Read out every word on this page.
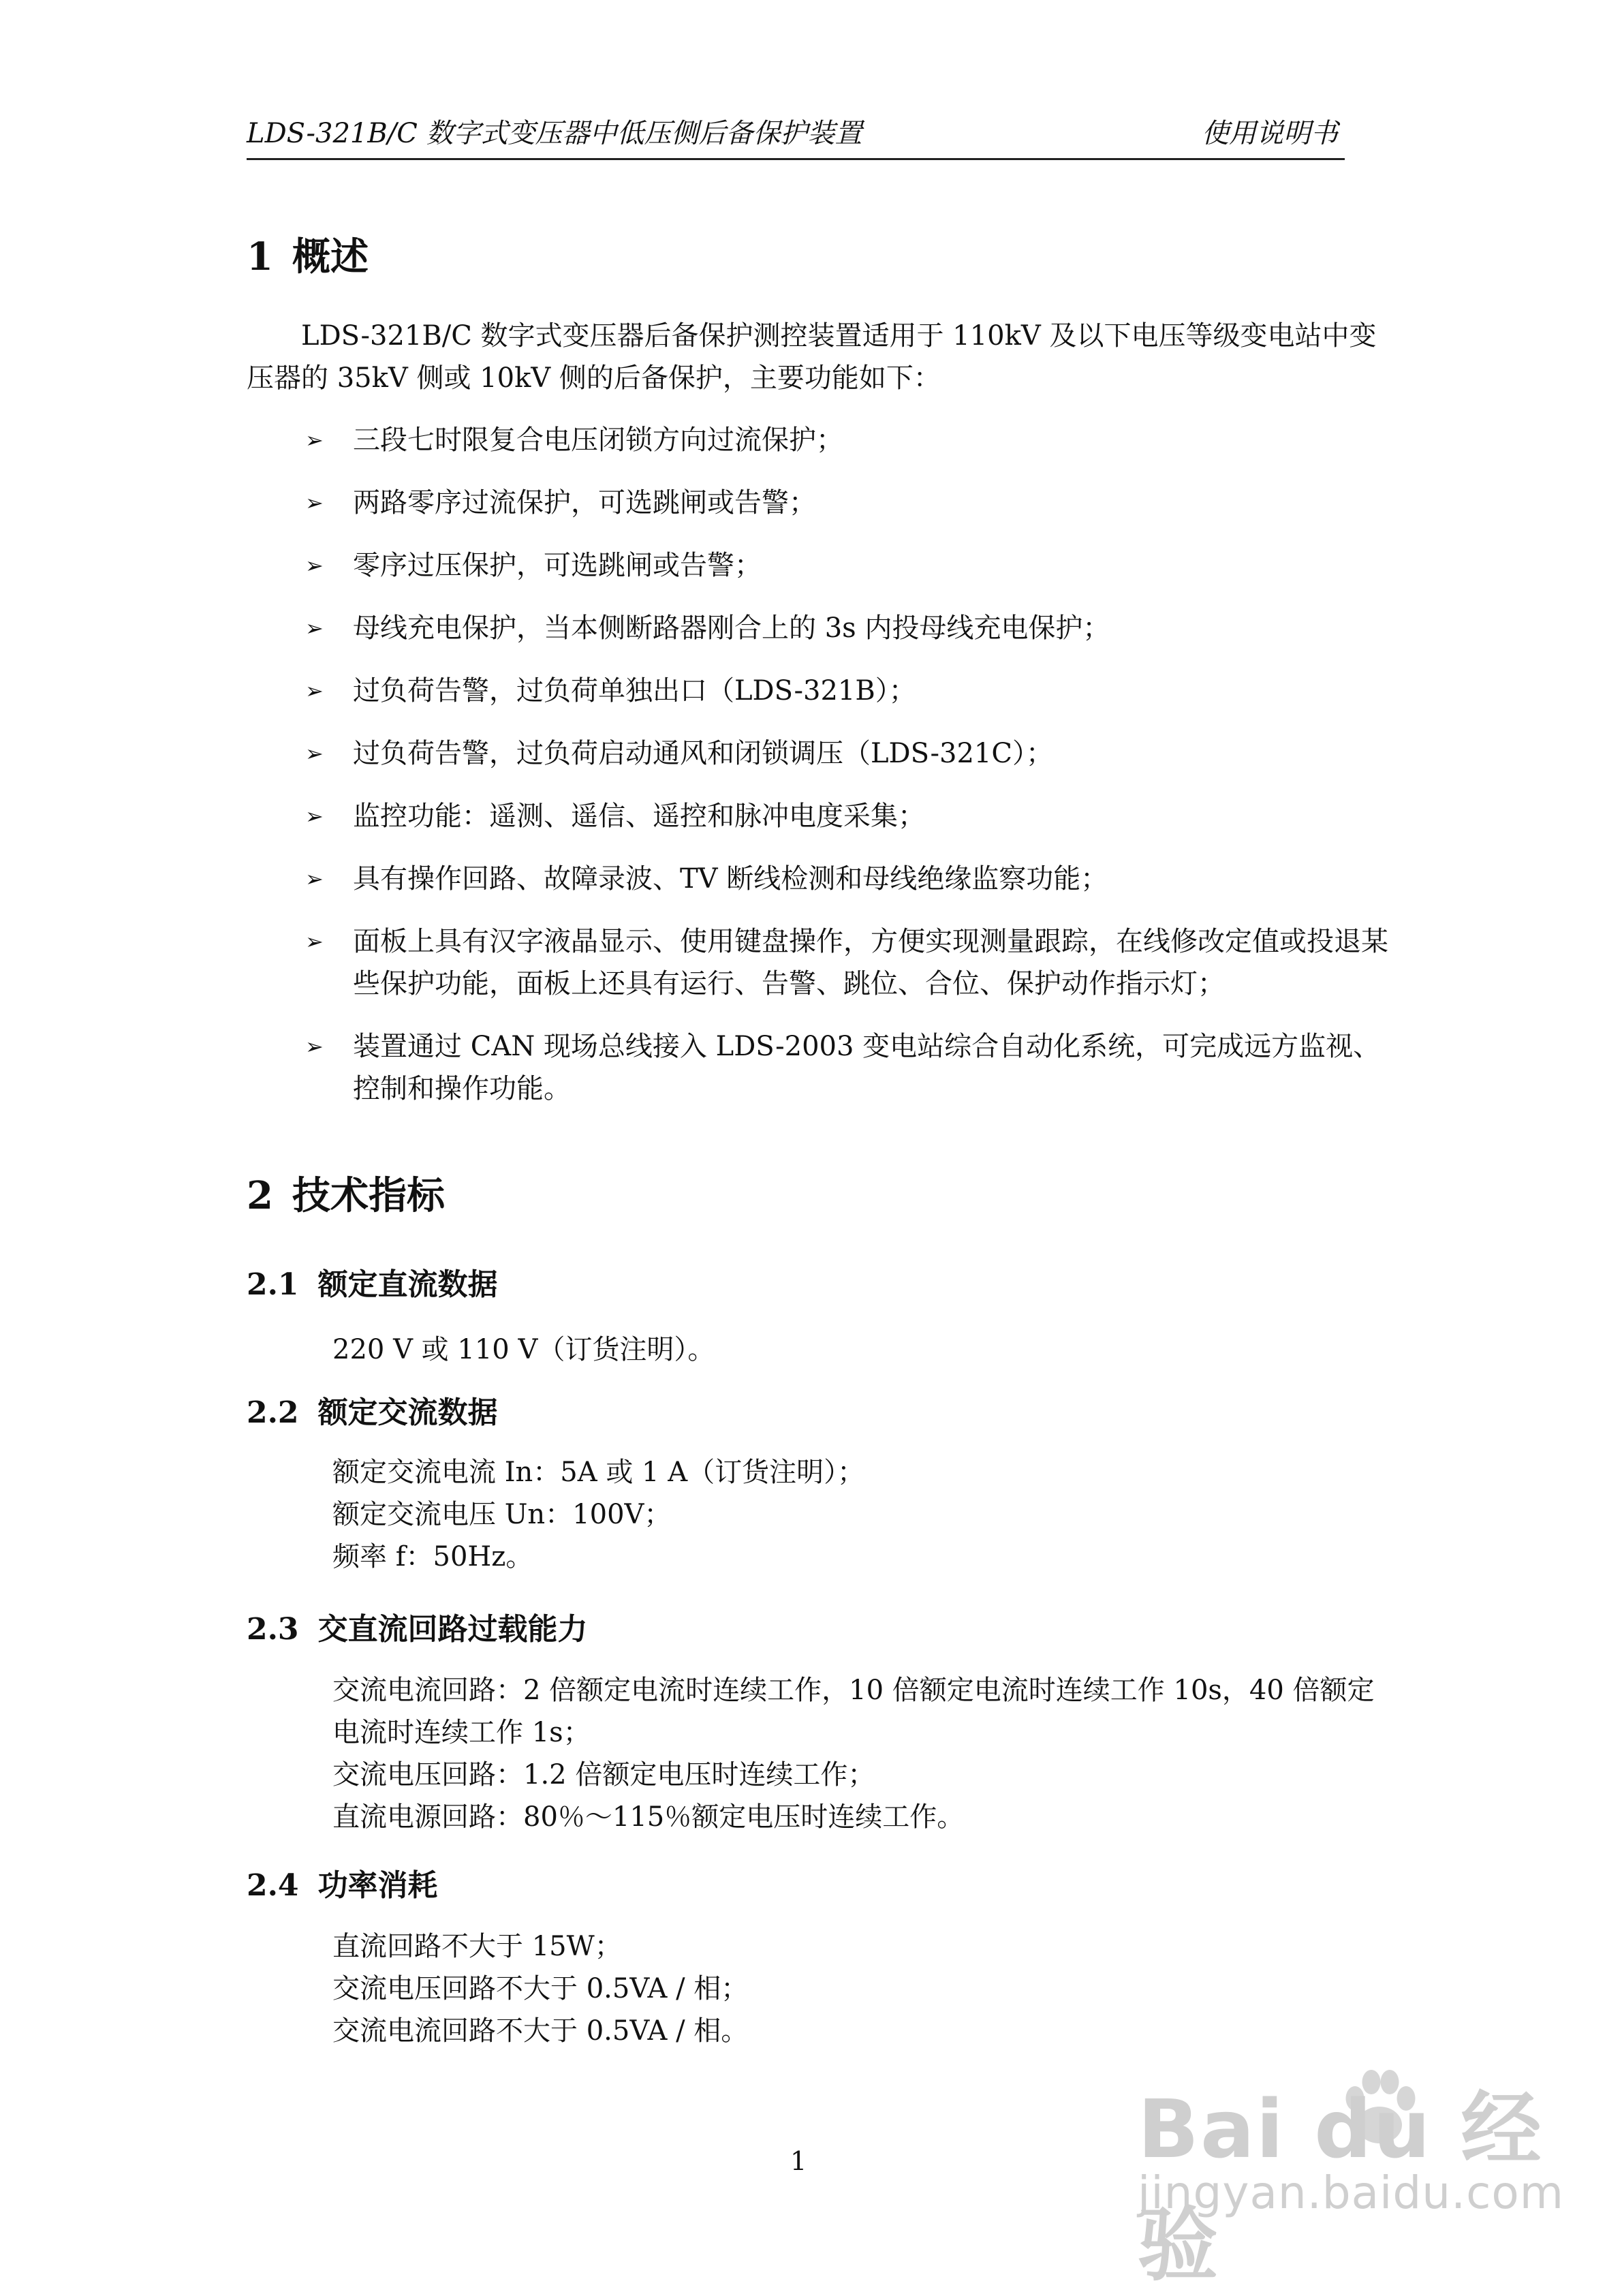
LDS-321B/C 数字式变压器中低压侧后备保护装置	使用说明书
1 概述
LDS-321B/C 数字式变压器后备保护测控装置适用于 110kV 及以下电压等级变电站中变压器的 35kV 侧或 10kV 侧的后备保护，主要功能如下：
➢ 三段七时限复合电压闭锁方向过流保护；
➢ 两路零序过流保护，可选跳闸或告警；
➢ 零序过压保护，可选跳闸或告警；
➢ 母线充电保护，当本侧断路器刚合上的 3s 内投母线充电保护；
➢ 过负荷告警，过负荷单独出口（LDS-321B）；
➢ 过负荷告警，过负荷启动通风和闭锁调压（LDS-321C）；
➢ 监控功能：遥测、遥信、遥控和脉冲电度采集；
➢ 具有操作回路、故障录波、TV 断线检测和母线绝缘监察功能；
➢ 面板上具有汉字液晶显示、使用键盘操作，方便实现测量跟踪，在线修改定值或投退某些保护功能，面板上还具有运行、告警、跳位、合位、保护动作指示灯；
➢ 装置通过 CAN 现场总线接入 LDS-2003 变电站综合自动化系统，可完成远方监视、控制和操作功能。
2 技术指标
2.1 额定直流数据
220 V 或 110 V（订货注明）。
2.2 额定交流数据
额定交流电流 In：5A 或 1 A（订货注明）；
额定交流电压 Un：100V；
频率 f：50Hz。
2.3 交直流回路过载能力
交流电流回路：2 倍额定电流时连续工作，10 倍额定电流时连续工作 10s，40 倍额定电流时连续工作 1s；
交流电压回路：1.2 倍额定电压时连续工作；
直流电源回路：80％～115％额定电压时连续工作。
2.4 功率消耗
直流回路不大于 15W；
交流电压回路不大于 0.5VA / 相；
交流电流回路不大于 0.5VA / 相。
1	Bai du 经验
jingyan.baidu.com
